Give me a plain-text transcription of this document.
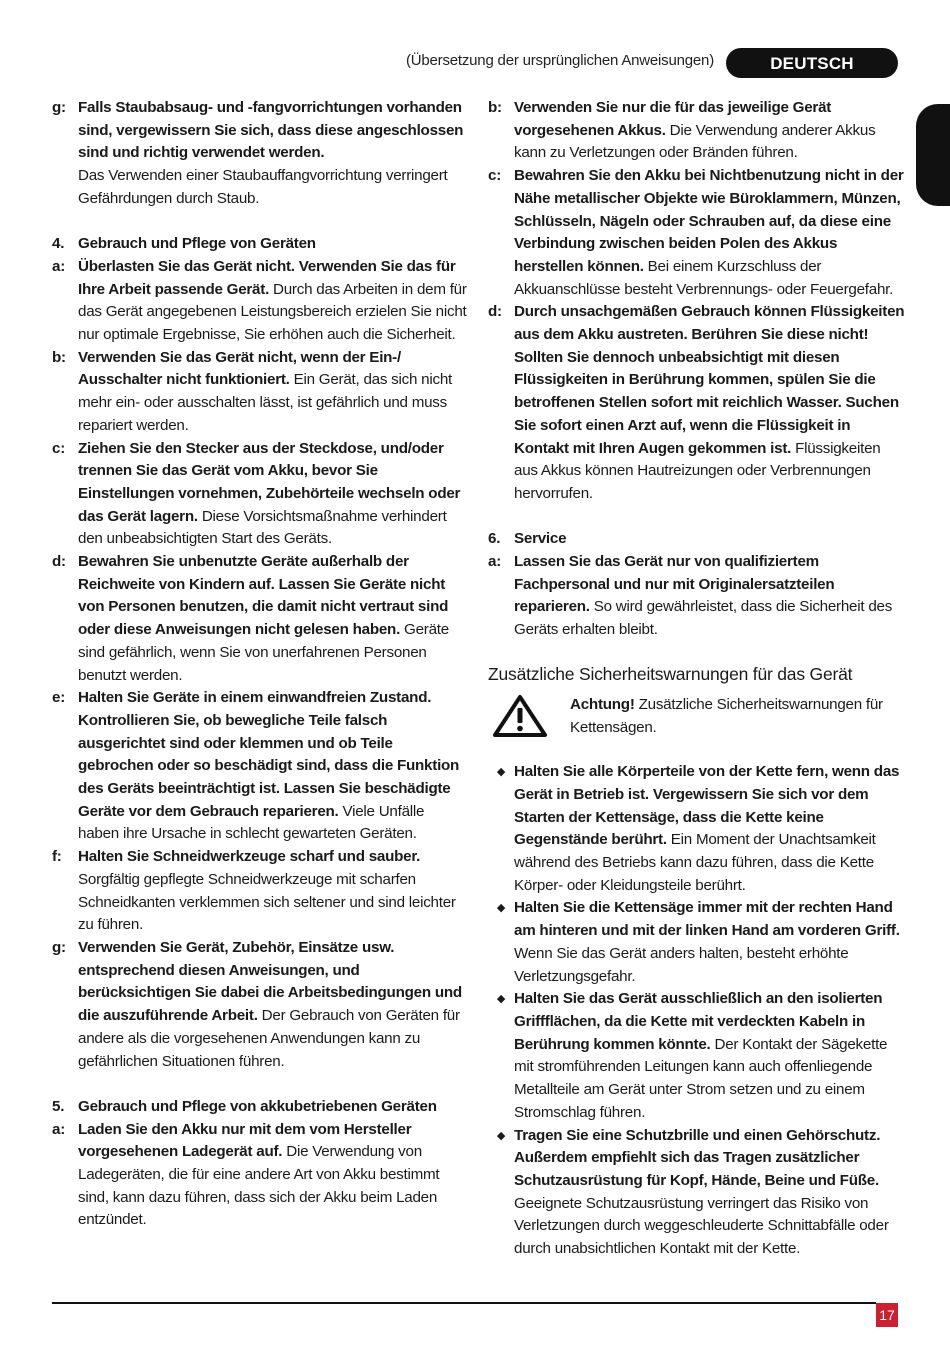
(Übersetzung der ursprünglichen Anweisungen)	DEUTSCH
g: Falls Staubabsaug- und -fangvorrichtungen vorhanden sind, vergewissern Sie sich, dass diese angeschlossen sind und richtig verwendet werden.
Das Verwenden einer Staubauffangvorrichtung verringert Gefährdungen durch Staub.
4. Gebrauch und Pflege von Geräten
a: Überlasten Sie das Gerät nicht. Verwenden Sie das für Ihre Arbeit passende Gerät. Durch das Arbeiten in dem für das Gerät angegebenen Leistungsbereich erzielen Sie nicht nur optimale Ergebnisse, Sie erhöhen auch die Sicherheit.
b: Verwenden Sie das Gerät nicht, wenn der Ein-/ Ausschalter nicht funktioniert. Ein Gerät, das sich nicht mehr ein- oder ausschalten lässt, ist gefährlich und muss repariert werden.
c: Ziehen Sie den Stecker aus der Steckdose, und/oder trennen Sie das Gerät vom Akku, bevor Sie Einstellungen vornehmen, Zubehörteile wechseln oder das Gerät lagern. Diese Vorsichtsmaßnahme verhindert den unbeabsichtigten Start des Geräts.
d: Bewahren Sie unbenutzte Geräte außerhalb der Reichweite von Kindern auf. Lassen Sie Geräte nicht von Personen benutzen, die damit nicht vertraut sind oder diese Anweisungen nicht gelesen haben. Geräte sind gefährlich, wenn Sie von unerfahrenen Personen benutzt werden.
e: Halten Sie Geräte in einem einwandfreien Zustand. Kontrollieren Sie, ob bewegliche Teile falsch ausgerichtet sind oder klemmen und ob Teile gebrochen oder so beschädigt sind, dass die Funktion des Geräts beeinträchtigt ist. Lassen Sie beschädigte Geräte vor dem Gebrauch reparieren. Viele Unfälle haben ihre Ursache in schlecht gewarteten Geräten.
f:	Halten Sie Schneidwerkzeuge scharf und sauber. Sorgfältig gepflegte Schneidwerkzeuge mit scharfen Schneidkanten verklemmen sich seltener und sind leichter zu führen.
g: Verwenden Sie Gerät, Zubehör, Einsätze usw. entsprechend diesen Anweisungen, und berücksichtigen Sie dabei die Arbeitsbedingungen und die auszuführende Arbeit. Der Gebrauch von Geräten für andere als die vorgesehenen Anwendungen kann zu gefährlichen Situationen führen.
5. Gebrauch und Pflege von akkubetriebenen Geräten
a: Laden Sie den Akku nur mit dem vom Hersteller vorgesehenen Ladegerät auf. Die Verwendung von Ladegeräten, die für eine andere Art von Akku bestimmt sind, kann dazu führen, dass sich der Akku beim Laden entzündet.
b: Verwenden Sie nur die für das jeweilige Gerät vorgesehenen Akkus. Die Verwendung anderer Akkus kann zu Verletzungen oder Bränden führen.
c: Bewahren Sie den Akku bei Nichtbenutzung nicht in der Nähe metallischer Objekte wie Büroklammern, Münzen, Schlüsseln, Nägeln oder Schrauben auf, da diese eine Verbindung zwischen beiden Polen des Akkus herstellen können. Bei einem Kurzschluss der Akkuanschlüsse besteht Verbrennungs- oder Feuergefahr.
d: Durch unsachgemäßen Gebrauch können Flüssigkeiten aus dem Akku austreten. Berühren Sie diese nicht! Sollten Sie dennoch unbeabsichtigt mit diesen Flüssigkeiten in Berührung kommen, spülen Sie die betroffenen Stellen sofort mit reichlich Wasser. Suchen Sie sofort einen Arzt auf, wenn die Flüssigkeit in Kontakt mit Ihren Augen gekommen ist. Flüssigkeiten aus Akkus können Hautreizungen oder Verbrennungen hervorrufen.
6. Service
a: Lassen Sie das Gerät nur von qualifiziertem Fachpersonal und nur mit Originalersatzteilen reparieren. So wird gewährleistet, dass die Sicherheit des Geräts erhalten bleibt.
Zusätzliche Sicherheitswarnungen für das Gerät
Achtung! Zusätzliche Sicherheitswarnungen für Kettensägen.
◆ Halten Sie alle Körperteile von der Kette fern, wenn das Gerät in Betrieb ist. Vergewissern Sie sich vor dem Starten der Kettensäge, dass die Kette keine Gegenstände berührt. Ein Moment der Unachtsamkeit während des Betriebs kann dazu führen, dass die Kette Körper- oder Kleidungsteile berührt.
◆ Halten Sie die Kettensäge immer mit der rechten Hand am hinteren und mit der linken Hand am vorderen Griff. Wenn Sie das Gerät anders halten, besteht erhöhte Verletzungsgefahr.
◆ Halten Sie das Gerät ausschließlich an den isolierten Griffflächen, da die Kette mit verdeckten Kabeln in Berührung kommen könnte. Der Kontakt der Sägekette mit stromführenden Leitungen kann auch offenliegende Metallteile am Gerät unter Strom setzen und zu einem Stromschlag führen.
◆ Tragen Sie eine Schutzbrille und einen Gehörschutz. Außerdem empfiehlt sich das Tragen zusätzlicher Schutzausrüstung für Kopf, Hände, Beine und Füße. Geeignete Schutzausrüstung verringert das Risiko von Verletzungen durch weggeschleuderte Schnittabfälle oder durch unabsichtlichen Kontakt mit der Kette.
17
